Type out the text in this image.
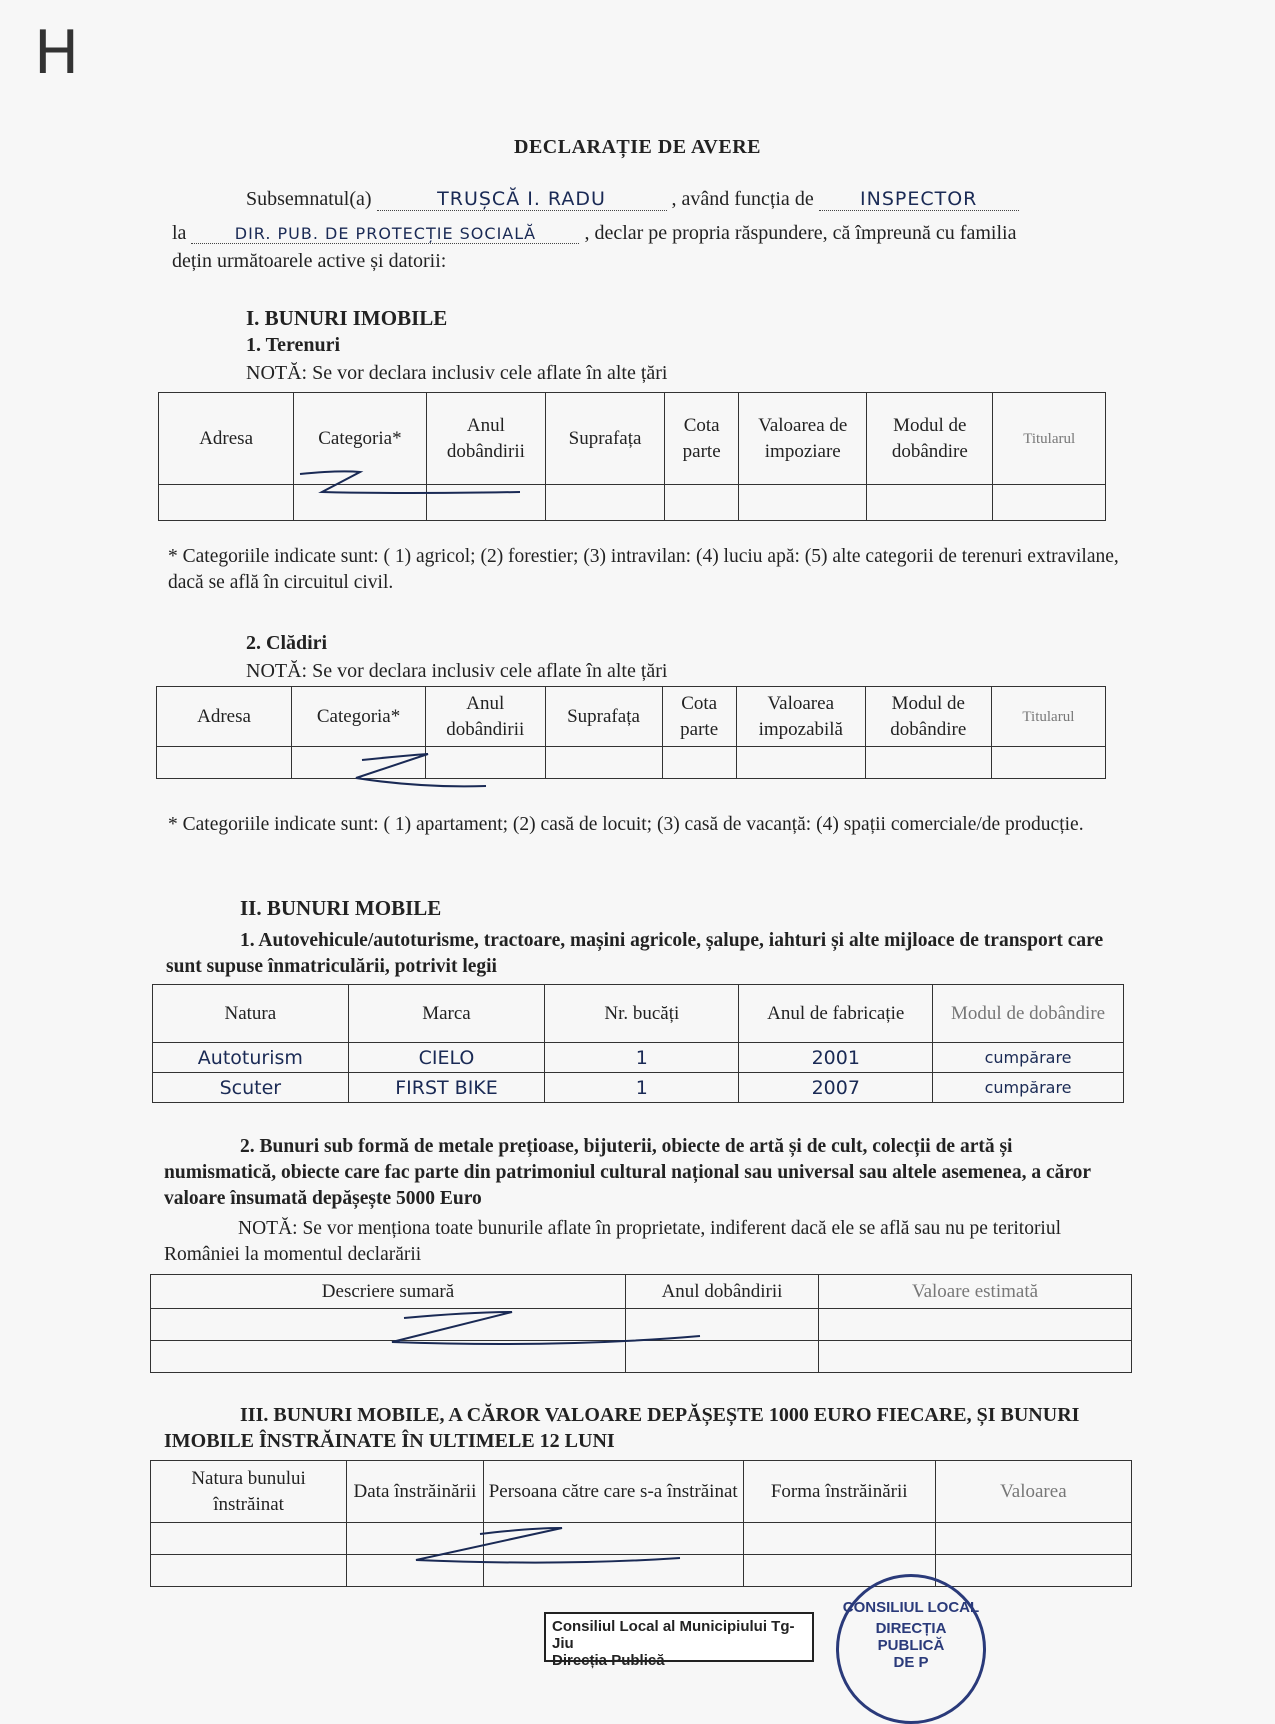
H
DECLARAȚIE DE AVERE
Subsemnatul(a)	TRUȘCĂ I. RADU	, având funcția de INSPECTOR
la	DIR. PUB. DE PROTECȚIE SOCIALĂ , declar pe propria răspundere, că împreună cu familia
dețin următoarele active și datorii:
I. BUNURI IMOBILE
1. Terenuri
NOTĂ: Se vor declara inclusiv cele aflate în alte țări
Adresa	Categoria*	Anul dobândirii	Suprafața	Cota parte	Valoarea de impoziare	Modul de dobândire	Titularul

* Categoriile indicate sunt: ( 1) agricol; (2) forestier; (3) intravilan: (4) luciu apă: (5) alte categorii de terenuri extravilane, dacă se află în circuitul civil.
2. Clădiri
NOTĂ: Se vor declara inclusiv cele aflate în alte țări
Adresa	Categoria*	Anul dobândirii	Suprafața	Cota parte	Valoarea impozabilă	Modul de dobândire	Titularul

* Categoriile indicate sunt: ( 1) apartament; (2) casă de locuit; (3) casă de vacanță: (4) spații comerciale/de producție.
II. BUNURI MOBILE
1. Autovehicule/autoturisme, tractoare, mașini agricole, șalupe, iahturi și alte mijloace de transport care sunt supuse înmatriculării, potrivit legii
Natura	Marca	Nr. bucăți	Anul de fabricație	Modul de dobândire
Autoturism	CIELO	1	2001	cumpărare
Scuter	FIRST BIKE	1	2007	cumpărare
2. Bunuri sub formă de metale prețioase, bijuterii, obiecte de artă și de cult, colecții de artă și numismatică, obiecte care fac parte din patrimoniul cultural național sau universal sau altele asemenea, a căror valoare însumată depășește 5000 Euro
NOTĂ: Se vor menționa toate bunurile aflate în proprietate, indiferent dacă ele se află sau nu pe teritoriul României la momentul declarării
Descriere sumară	Anul dobândirii	Valoare estimată

III. BUNURI MOBILE, A CĂROR VALOARE DEPĂȘEȘTE 1000 EURO FIECARE, ȘI BUNURI IMOBILE ÎNSTRĂINATE ÎN ULTIMELE 12 LUNI
Natura bunului înstrăinat	Data înstrăinării	Persoana către care s-a înstrăinat	Forma înstrăinării	Valoarea

Consiliul Local al Municipiului Tg-Jiu
Direcția Publică
CONSILIUL LOCAL
DIRECȚIA
PUBLICĂ
DE P
